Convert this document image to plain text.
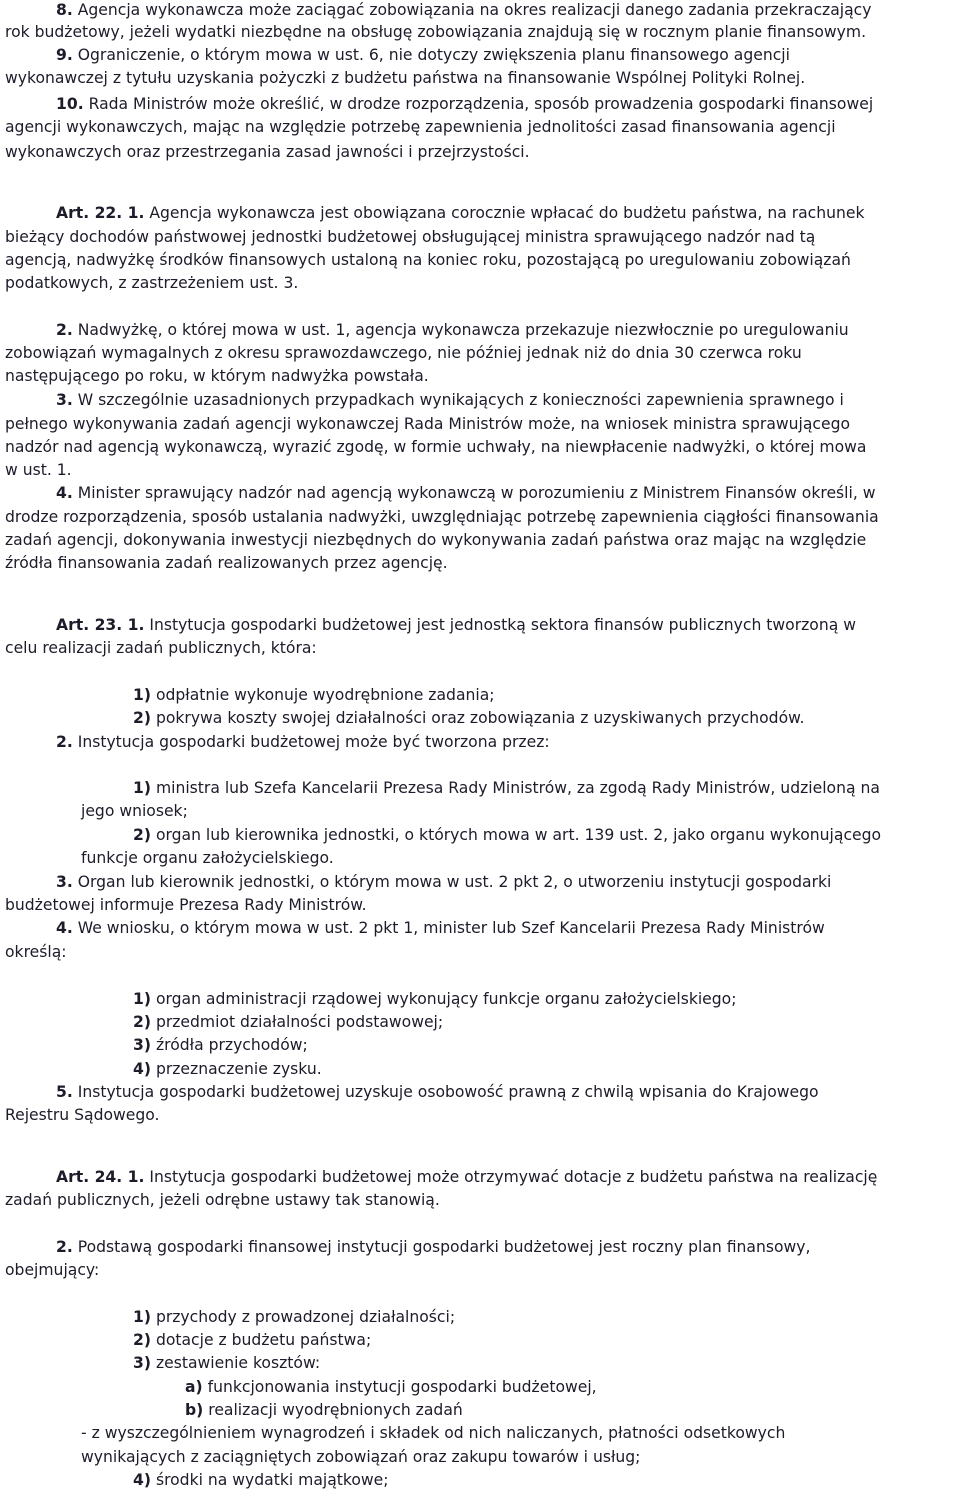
8. Agencja wykonawcza może zaciągać zobowiązania na okres realizacji danego zadania przekraczający
rok budżetowy, jeżeli wydatki niezbędne na obsługę zobowiązania znajdują się w rocznym planie finansowym.
9. Ograniczenie, o którym mowa w ust. 6, nie dotyczy zwiększenia planu finansowego agencji
wykonawczej z tytułu uzyskania pożyczki z budżetu państwa na finansowanie Wspólnej Polityki Rolnej.
10. Rada Ministrów może określić, w drodze rozporządzenia, sposób prowadzenia gospodarki finansowej
agencji wykonawczych, mając na względzie potrzebę zapewnienia jednolitości zasad finansowania agencji
wykonawczych oraz przestrzegania zasad jawności i przejrzystości.
Art. 22. 1. Agencja wykonawcza jest obowiązana corocznie wpłacać do budżetu państwa, na rachunek
bieżący dochodów państwowej jednostki budżetowej obsługującej ministra sprawującego nadzór nad tą
agencją, nadwyżkę środków finansowych ustaloną na koniec roku, pozostającą po uregulowaniu zobowiązań
podatkowych, z zastrzeżeniem ust. 3.
2. Nadwyżkę, o której mowa w ust. 1, agencja wykonawcza przekazuje niezwłocznie po uregulowaniu
zobowiązań wymagalnych z okresu sprawozdawczego, nie później jednak niż do dnia 30 czerwca roku
następującego po roku, w którym nadwyżka powstała.
3. W szczególnie uzasadnionych przypadkach wynikających z konieczności zapewnienia sprawnego i
pełnego wykonywania zadań agencji wykonawczej Rada Ministrów może, na wniosek ministra sprawującego
nadzór nad agencją wykonawczą, wyrazić zgodę, w formie uchwały, na niewpłacenie nadwyżki, o której mowa
w ust. 1.
4. Minister sprawujący nadzór nad agencją wykonawczą w porozumieniu z Ministrem Finansów określi, w
drodze rozporządzenia, sposób ustalania nadwyżki, uwzględniając potrzebę zapewnienia ciągłości finansowania
zadań agencji, dokonywania inwestycji niezbędnych do wykonywania zadań państwa oraz mając na względzie
źródła finansowania zadań realizowanych przez agencję.
Art. 23. 1. Instytucja gospodarki budżetowej jest jednostką sektora finansów publicznych tworzoną w
celu realizacji zadań publicznych, która:
1) odpłatnie wykonuje wyodrębnione zadania;
2) pokrywa koszty swojej działalności oraz zobowiązania z uzyskiwanych przychodów.
2. Instytucja gospodarki budżetowej może być tworzona przez:
1) ministra lub Szefa Kancelarii Prezesa Rady Ministrów, za zgodą Rady Ministrów, udzieloną na
jego wniosek;
2) organ lub kierownika jednostki, o których mowa w art. 139 ust. 2, jako organu wykonującego
funkcje organu założycielskiego.
3. Organ lub kierownik jednostki, o którym mowa w ust. 2 pkt 2, o utworzeniu instytucji gospodarki
budżetowej informuje Prezesa Rady Ministrów.
4. We wniosku, o którym mowa w ust. 2 pkt 1, minister lub Szef Kancelarii Prezesa Rady Ministrów
określą:
1) organ administracji rządowej wykonujący funkcje organu założycielskiego;
2) przedmiot działalności podstawowej;
3) źródła przychodów;
4) przeznaczenie zysku.
5. Instytucja gospodarki budżetowej uzyskuje osobowość prawną z chwilą wpisania do Krajowego
Rejestru Sądowego.
Art. 24. 1. Instytucja gospodarki budżetowej może otrzymywać dotacje z budżetu państwa na realizację
zadań publicznych, jeżeli odrębne ustawy tak stanowią.
2. Podstawą gospodarki finansowej instytucji gospodarki budżetowej jest roczny plan finansowy,
obejmujący:
1) przychody z prowadzonej działalności;
2) dotacje z budżetu państwa;
3) zestawienie kosztów:
a) funkcjonowania instytucji gospodarki budżetowej,
b) realizacji wyodrębnionych zadań
- z wyszczególnieniem wynagrodzeń i składek od nich naliczanych, płatności odsetkowych
wynikających z zaciągniętych zobowiązań oraz zakupu towarów i usług;
4) środki na wydatki majątkowe;
